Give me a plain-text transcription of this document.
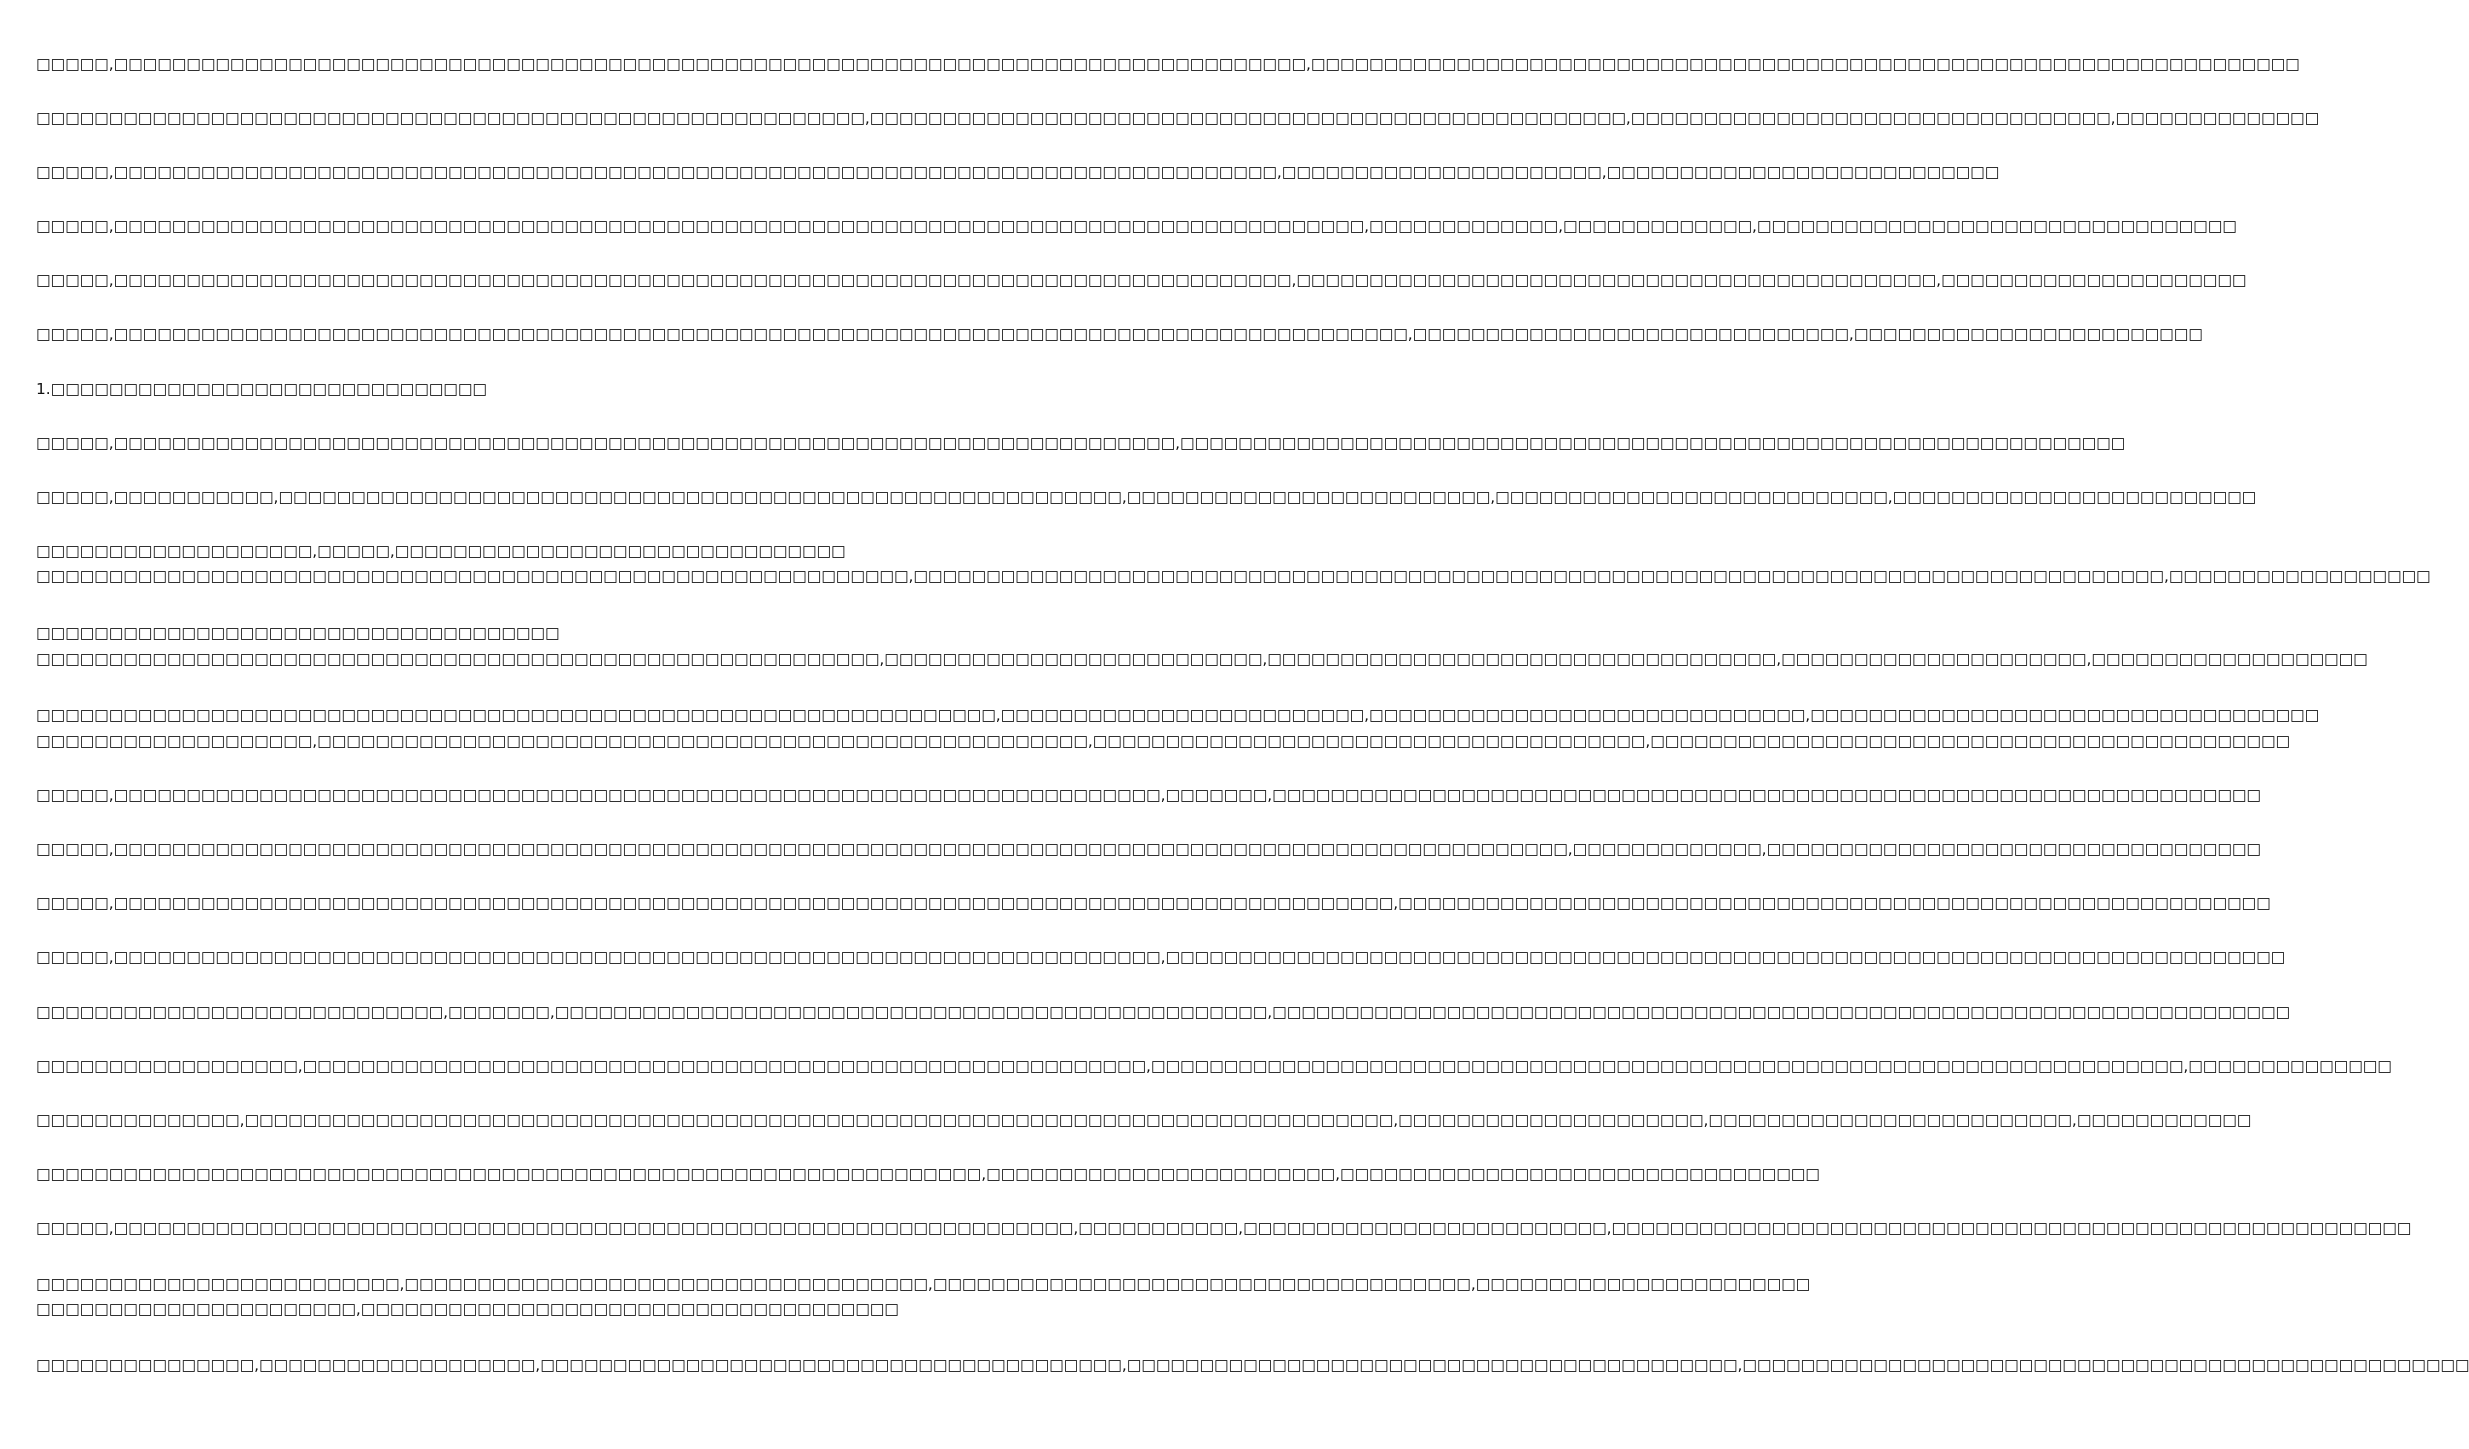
□□□□□,□□□□□□□□□□□□□□□□□□□□□□□□□□□□□□□□□□□□□□□□□□□□□□□□□□□□□□□□□□□□□□□□□□□□□□□□□□□□□□□□□□,□□□□□□□□□□□□□□□□□□□□□□□□□□□□□□□□□□□□□□□□□□□□□□□□□□□□□□□□□□□□□□□□□□□□
□□□□□□□□□□□□□□□□□□□□□□□□□□□□□□□□□□□□□□□□□□□□□□□□□□□□□□□□□,□□□□□□□□□□□□□□□□□□□□□□□□□□□□□□□□□□□□□□□□□□□□□□□□□□□□,□□□□□□□□□□□□□□□□□□□□□□□□□□□□□□□□□,□□□□□□□□□□□□□□
□□□□□,□□□□□□□□□□□□□□□□□□□□□□□□□□□□□□□□□□□□□□□□□□□□□□□□□□□□□□□□□□□□□□□□□□□□□□□□□□□□□□□□,□□□□□□□□□□□□□□□□□□□□□□,□□□□□□□□□□□□□□□□□□□□□□□□□□□
□□□□□,□□□□□□□□□□□□□□□□□□□□□□□□□□□□□□□□□□□□□□□□□□□□□□□□□□□□□□□□□□□□□□□□□□□□□□□□□□□□□□□□□□□□□□,□□□□□□□□□□□□□,□□□□□□□□□□□□□,□□□□□□□□□□□□□□□□□□□□□□□□□□□□□□□□□
□□□□□,□□□□□□□□□□□□□□□□□□□□□□□□□□□□□□□□□□□□□□□□□□□□□□□□□□□□□□□□□□□□□□□□□□□□□□□□□□□□□□□□□,□□□□□□□□□□□□□□□□□□□□□□□□□□□□□□□□□□□□□□□□□□□□,□□□□□□□□□□□□□□□□□□□□□
□□□□□,□□□□□□□□□□□□□□□□□□□□□□□□□□□□□□□□□□□□□□□□□□□□□□□□□□□□□□□□□□□□□□□□□□□□□□□□□□□□□□□□□□□□□□□□□,□□□□□□□□□□□□□□□□□□□□□□□□□□□□□□,□□□□□□□□□□□□□□□□□□□□□□□□
1.□□□□□□□□□□□□□□□□□□□□□□□□□□□□□□
□□□□□,□□□□□□□□□□□□□□□□□□□□□□□□□□□□□□□□□□□□□□□□□□□□□□□□□□□□□□□□□□□□□□□□□□□□□□□□□,□□□□□□□□□□□□□□□□□□□□□□□□□□□□□□□□□□□□□□□□□□□□□□□□□□□□□□□□□□□□□□□□□
□□□□□,□□□□□□□□□□□,□□□□□□□□□□□□□□□□□□□□□□□□□□□□□□□□□□□□□□□□□□□□□□□□□□□□□□□□□□,□□□□□□□□□□□□□□□□□□□□□□□□□,□□□□□□□□□□□□□□□□□□□□□□□□□□□,□□□□□□□□□□□□□□□□□□□□□□□□□
□□□□□□□□□□□□□□□□□□□,□□□□□,□□□□□□□□□□□□□□□□□□□□□□□□□□□□□□□
□□□□□□□□□□□□□□□□□□□□□□□□□□□□□□□□□□□□□□□□□□□□□□□□□□□□□□□□□□□□,□□□□□□□□□□□□□□□□□□□□□□□□□□□□□□□□□□□□□□□□□□□□□□□□□□□□□□□□□□□□□□□□□□□□□□□□□□□□□□□□□□□□□□,□□□□□□□□□□□□□□□□□□
□□□□□□□□□□□□□□□□□□□□□□□□□□□□□□□□□□□□
□□□□□□□□□□□□□□□□□□□□□□□□□□□□□□□□□□□□□□□□□□□□□□□□□□□□□□□□□□,□□□□□□□□□□□□□□□□□□□□□□□□□□,□□□□□□□□□□□□□□□□□□□□□□□□□□□□□□□□□□□,□□□□□□□□□□□□□□□□□□□□□,□□□□□□□□□□□□□□□□□□□
□□□□□□□□□□□□□□□□□□□□□□□□□□□□□□□□□□□□□□□□□□□□□□□□□□□□□□□□□□□□□□□□□□,□□□□□□□□□□□□□□□□□□□□□□□□□,□□□□□□□□□□□□□□□□□□□□□□□□□□□□□□,□□□□□□□□□□□□□□□□□□□□□□□□□□□□□□□□□□□
□□□□□□□□□□□□□□□□□□□,□□□□□□□□□□□□□□□□□□□□□□□□□□□□□□□□□□□□□□□□□□□□□□□□□□□□□,□□□□□□□□□□□□□□□□□□□□□□□□□□□□□□□□□□□□□□,□□□□□□□□□□□□□□□□□□□□□□□□□□□□□□□□□□□□□□□□□□□□
□□□□□,□□□□□□□□□□□□□□□□□□□□□□□□□□□□□□□□□□□□□□□□□□□□□□□□□□□□□□□□□□□□□□□□□□□□□□□□,□□□□□□□,□□□□□□□□□□□□□□□□□□□□□□□□□□□□□□□□□□□□□□□□□□□□□□□□□□□□□□□□□□□□□□□□□□□□
□□□□□,□□□□□□□□□□□□□□□□□□□□□□□□□□□□□□□□□□□□□□□□□□□□□□□□□□□□□□□□□□□□□□□□□□□□□□□□□□□□□□□□□□□□□□□□□□□□□□□□□□□□,□□□□□□□□□□□□□,□□□□□□□□□□□□□□□□□□□□□□□□□□□□□□□□□□
□□□□□,□□□□□□□□□□□□□□□□□□□□□□□□□□□□□□□□□□□□□□□□□□□□□□□□□□□□□□□□□□□□□□□□□□□□□□□□□□□□□□□□□□□□□□□□,□□□□□□□□□□□□□□□□□□□□□□□□□□□□□□□□□□□□□□□□□□□□□□□□□□□□□□□□□□□□
□□□□□,□□□□□□□□□□□□□□□□□□□□□□□□□□□□□□□□□□□□□□□□□□□□□□□□□□□□□□□□□□□□□□□□□□□□□□□□,□□□□□□□□□□□□□□□□□□□□□□□□□□□□□□□□□□□□□□□□□□□□□□□□□□□□□□□□□□□□□□□□□□□□□□□□□□□□□
□□□□□□□□□□□□□□□□□□□□□□□□□□□□,□□□□□□□,□□□□□□□□□□□□□□□□□□□□□□□□□□□□□□□□□□□□□□□□□□□□□□□□□,□□□□□□□□□□□□□□□□□□□□□□□□□□□□□□□□□□□□□□□□□□□□□□□□□□□□□□□□□□□□□□□□□□□□□□
□□□□□□□□□□□□□□□□□□,□□□□□□□□□□□□□□□□□□□□□□□□□□□□□□□□□□□□□□□□□□□□□□□□□□□□□□□□□□,□□□□□□□□□□□□□□□□□□□□□□□□□□□□□□□□□□□□□□□□□□□□□□□□□□□□□□□□□□□□□□□□□□□□□□□,□□□□□□□□□□□□□□
□□□□□□□□□□□□□□,□□□□□□□□□□□□□□□□□□□□□□□□□□□□□□□□□□□□□□□□□□□□□□□□□□□□□□□□□□□□□□□□□□□□□□□□□□□□□□□,□□□□□□□□□□□□□□□□□□□□□,□□□□□□□□□□□□□□□□□□□□□□□□□,□□□□□□□□□□□□
□□□□□□□□□□□□□□□□□□□□□□□□□□□□□□□□□□□□□□□□□□□□□□□□□□□□□□□□□□□□□□□□□,□□□□□□□□□□□□□□□□□□□□□□□□,□□□□□□□□□□□□□□□□□□□□□□□□□□□□□□□□□
□□□□□,□□□□□□□□□□□□□□□□□□□□□□□□□□□□□□□□□□□□□□□□□□□□□□□□□□□□□□□□□□□□□□□□□□,□□□□□□□□□□□,□□□□□□□□□□□□□□□□□□□□□□□□□,□□□□□□□□□□□□□□□□□□□□□□□□□□□□□□□□□□□□□□□□□□□□□□□□□□□□□□□
□□□□□□□□□□□□□□□□□□□□□□□□□,□□□□□□□□□□□□□□□□□□□□□□□□□□□□□□□□□□□□,□□□□□□□□□□□□□□□□□□□□□□□□□□□□□□□□□□□□□,□□□□□□□□□□□□□□□□□□□□□□□
□□□□□□□□□□□□□□□□□□□□□□,□□□□□□□□□□□□□□□□□□□□□□□□□□□□□□□□□□□□□
□□□□□□□□□□□□□□□,□□□□□□□□□□□□□□□□□□□,□□□□□□□□□□□□□□□□□□□□□□□□□□□□□□□□□□□□□□□□,□□□□□□□□□□□□□□□□□□□□□□□□□□□□□□□□□□□□□□□□□□,□□□□□□□□□□□□□□□□□□□□□□□□□□□□□□□□□□□□□□□□□□□□□□□□□□
